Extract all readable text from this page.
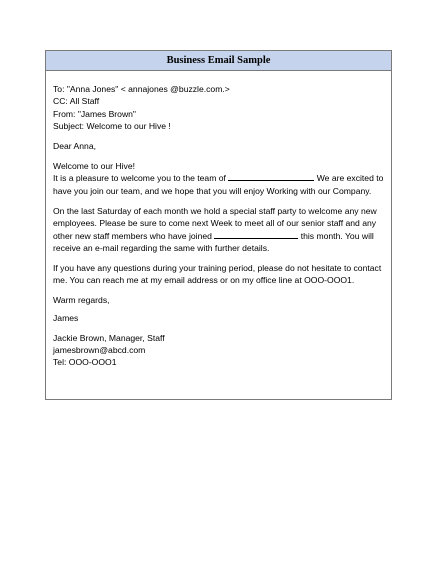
Business Email Sample
To: "Anna Jones" < annajones @buzzle.com.>
CC: All Staff
From: "James Brown"
Subject: Welcome to our Hive !
Dear Anna,
Welcome to our Hive!
It is a pleasure to welcome you to the team of	We are excited to
have you join our team, and we hope that you will enjoy Working with our Company.
On the last Saturday of each month we hold a special staff party to welcome any new
employees. Please be sure to come next Week to meet all of our senior staff and any
other new staff members who have joined	this month. You will
receive an e-mail regarding the same with further details.
If you have any questions during your training period, please do not hesitate to contact
me. You can reach me at my email address or on my office line at OOO-OOO1.
Warm regards,
James
Jackie Brown, Manager, Staff
jamesbrown@abcd.com
Tel: OOO-OOO1
